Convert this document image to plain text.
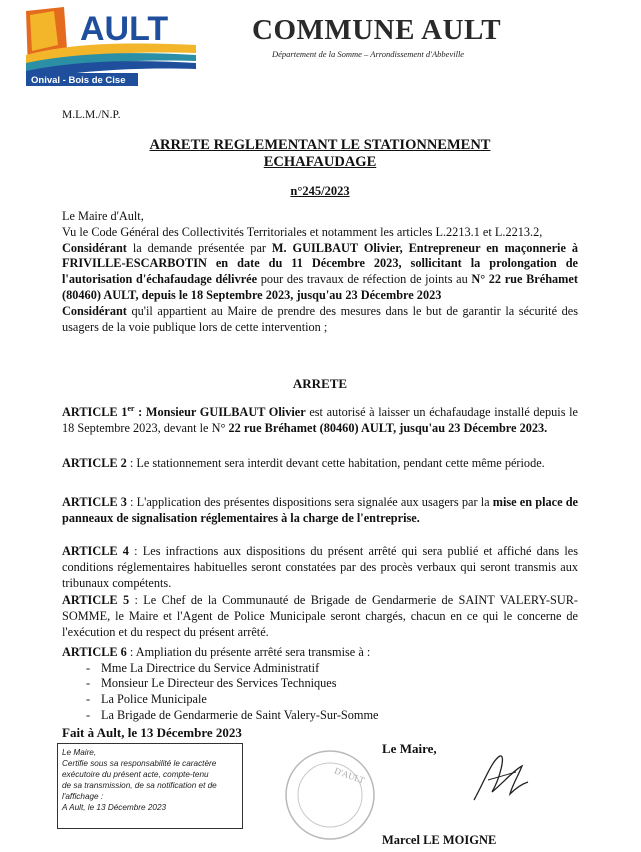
AULT
Onival - Bois de Cise
COMMUNE AULT
Département de la Somme – Arrondissement d'Abbeville
M.L.M./N.P.
ARRETE REGLEMENTANT LE STATIONNEMENT
ECHAFAUDAGE
n°245/2023

Le Maire d'Ault,

Vu le Code Général des Collectivités Territoriales et notamment les articles L.2213.1 et L.2213.2,

Considérant la demande présentée par M. GUILBAUT Olivier, Entrepreneur en maçonnerie à FRIVILLE-ESCARBOTIN en date du 11 Décembre 2023, sollicitant la prolongation de l'autorisation d'échafaudage délivrée pour des travaux de réfection de joints au N° 22 rue Bréhamet (80460) AULT, depuis le 18 Septembre 2023, jusqu'au 23 Décembre 2023

Considérant qu'il appartient au Maire de prendre des mesures dans le but de garantir la sécurité des usagers de la voie publique lors de cette intervention ;

ARRETE
ARTICLE 1er : Monsieur GUILBAUT Olivier est autorisé à laisser un échafaudage installé depuis le 18 Septembre 2023, devant le N° 22 rue Bréhamet (80460) AULT, jusqu'au 23 Décembre 2023.
ARTICLE 2 : Le stationnement sera interdit devant cette habitation, pendant cette même période.
ARTICLE 3 : L'application des présentes dispositions sera signalée aux usagers par la mise en place de panneaux de signalisation réglementaires à la charge de l'entreprise.
ARTICLE 4 : Les infractions aux dispositions du présent arrêté qui sera publié et affiché dans les conditions réglementaires habituelles seront constatées par des procès verbaux qui seront transmis aux tribunaux compétents.
ARTICLE 5 : Le Chef de la Communauté de Brigade de Gendarmerie de SAINT VALERY-SUR-SOMME, le Maire et l'Agent de Police Municipale seront chargés, chacun en ce qui le concerne de l'exécution et du respect du présent arrêté.
ARTICLE 6 : Ampliation du présente arrêté sera transmise à :
- Mme La Directrice du Service Administratif
- Monsieur Le Directeur des Services Techniques
- La Police Municipale
- La Brigade de Gendarmerie de Saint Valery-Sur-Somme
Fait à Ault, le 13 Décembre 2023
Le Maire,
Certifie sous sa responsabilité le caractère
exécutoire du présent acte, compte-tenu
de sa transmission, de sa notification et de
l'affichage :
A Ault, le 13 Décembre 2023
Le Maire,
D'AULT
Marcel LE MOIGNE
